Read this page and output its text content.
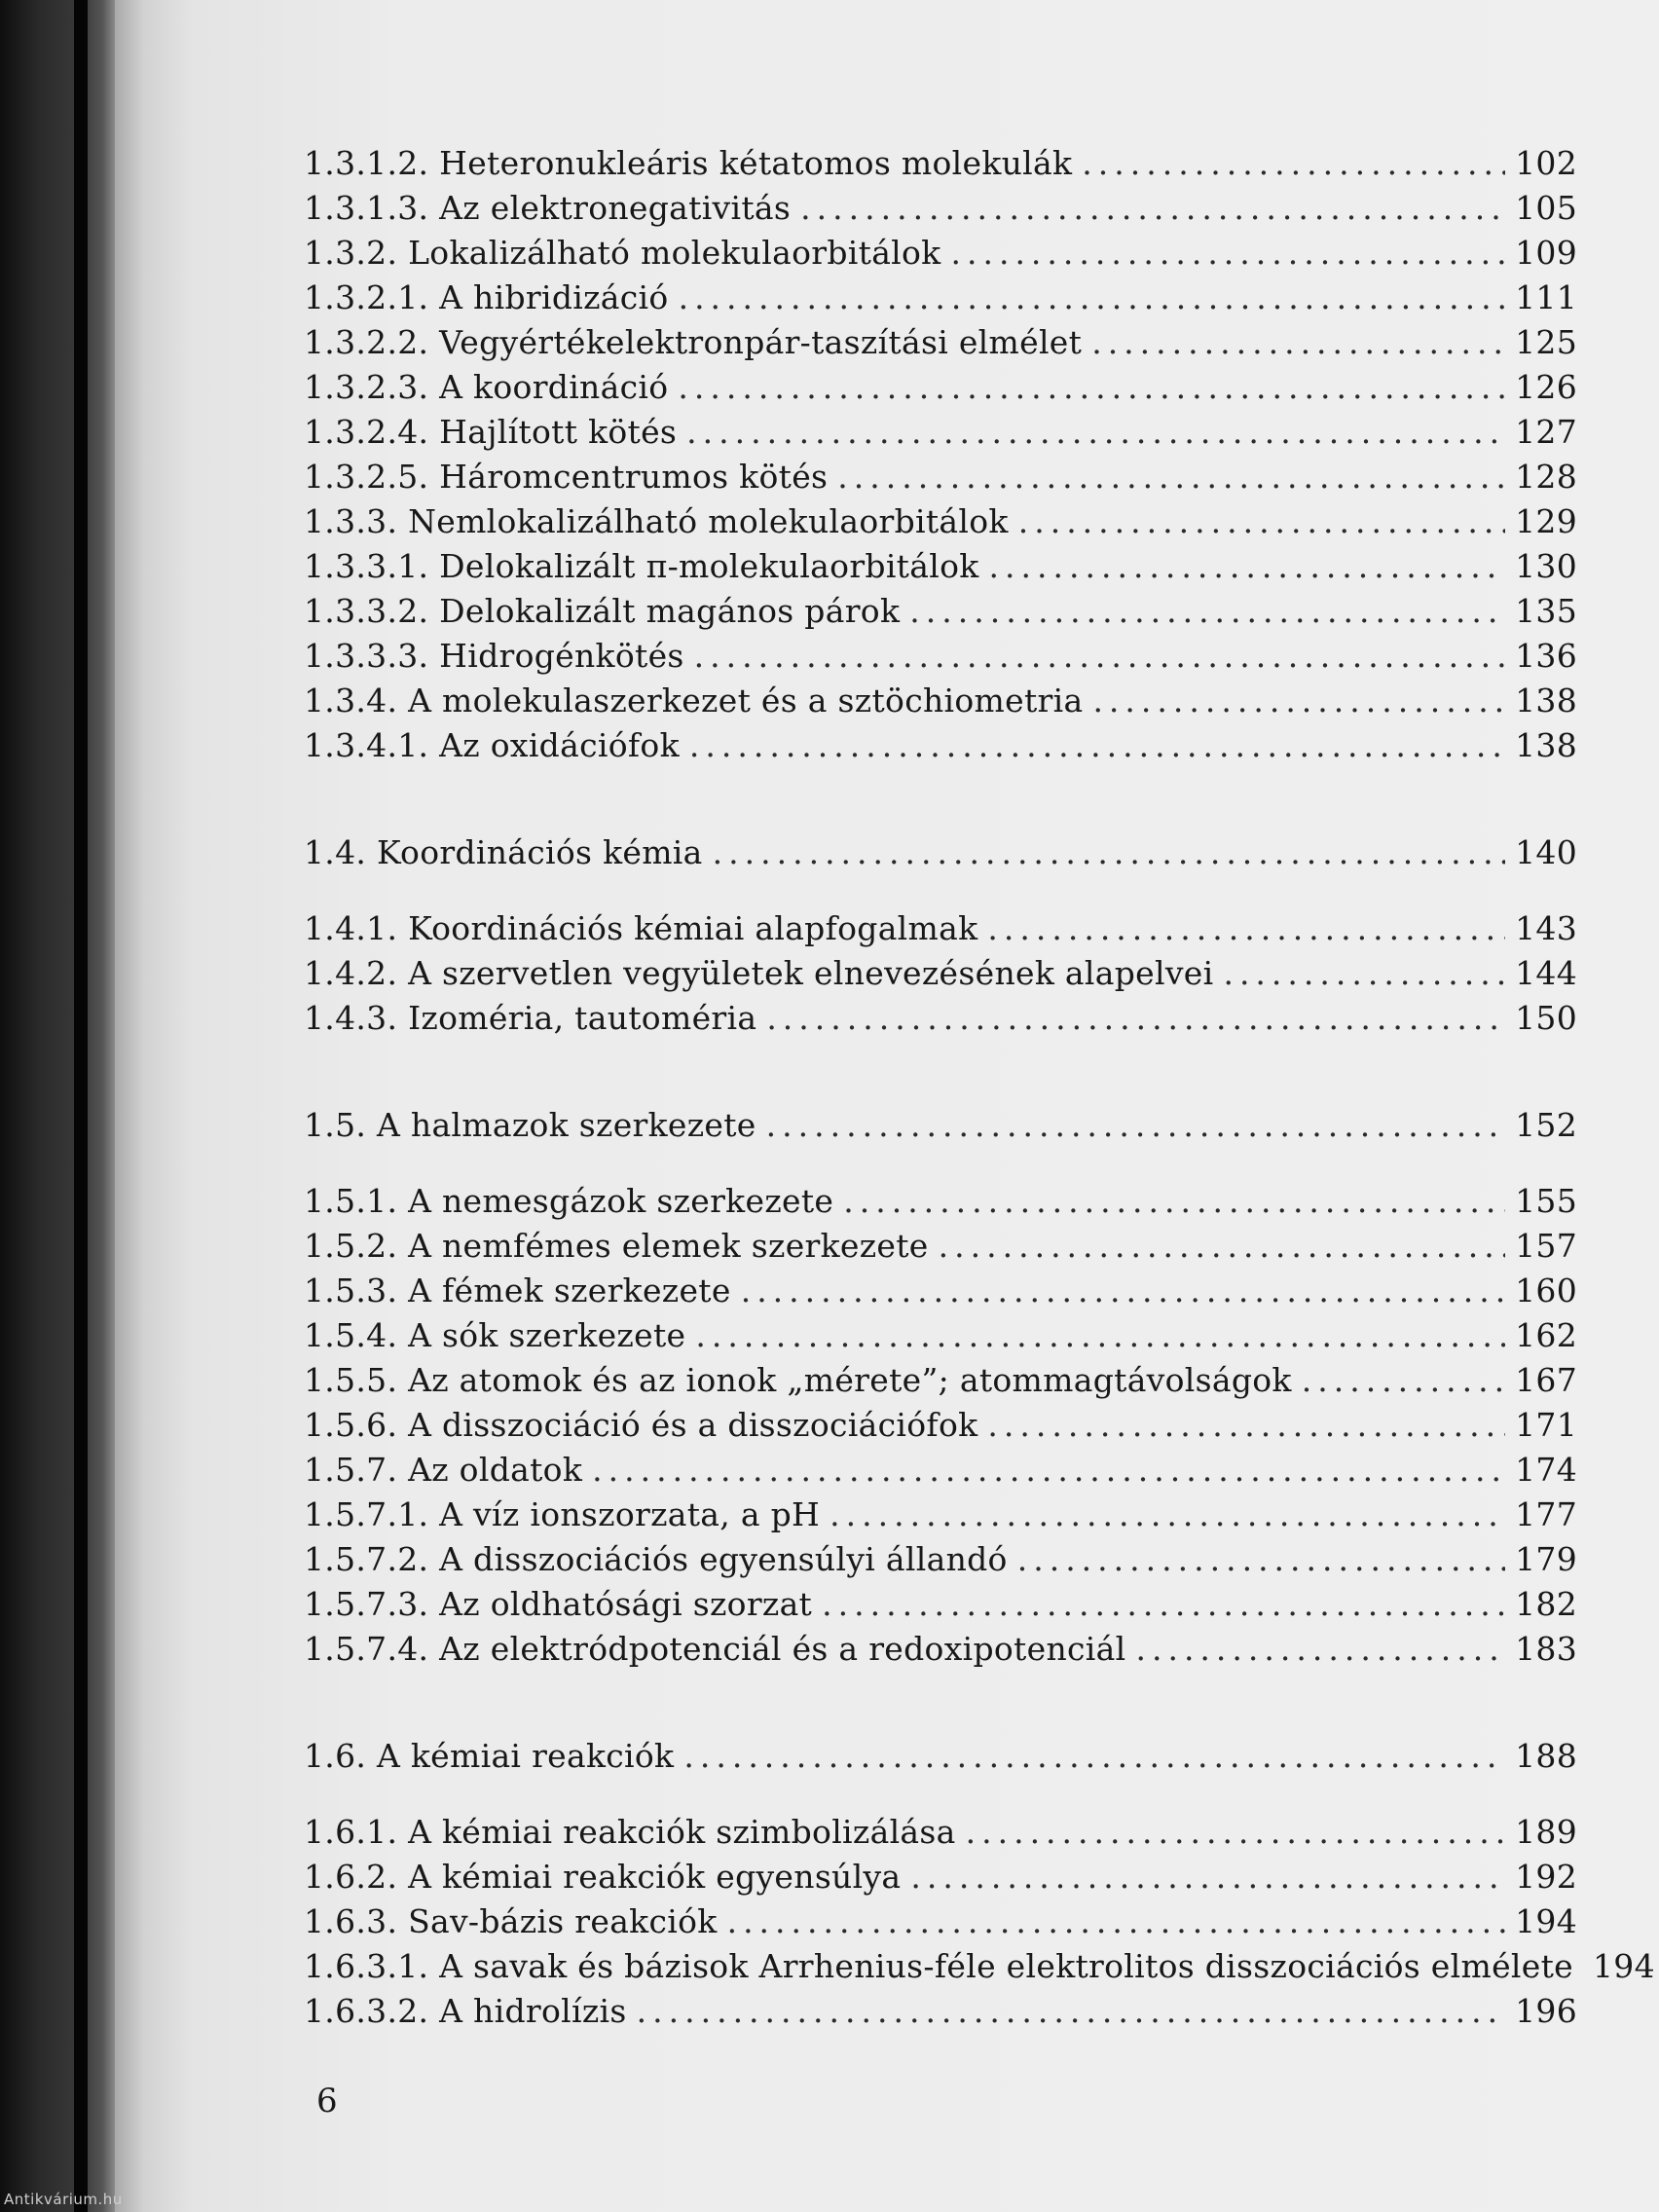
1.3.1.2. Heteronukleáris kétatomos molekulák .....	102
1.3.1.3. Az elektronegativitás .....	105
1.3.2. Lokalizálható molekulaorbitálok .....	109
1.3.2.1. A hibridizáció .....	111
1.3.2.2. Vegyértékelektronpár-taszítási elmélet .....	125
1.3.2.3. A koordináció .....	126
1.3.2.4. Hajlított kötés .....	127
1.3.2.5. Háromcentrumos kötés .....	128
1.3.3. Nemlokalizálható molekulaorbitálok .....	129
1.3.3.1. Delokalizált π-molekulaorbitálok .....	130
1.3.3.2. Delokalizált magános párok .....	135
1.3.3.3. Hidrogénkötés .....	136
1.3.4. A molekulaszerkezet és a sztöchiometria .....	138
1.3.4.1. Az oxidációfok .....	138
1.4. Koordinációs kémia .....	140
1.4.1. Koordinációs kémiai alapfogalmak .....	143
1.4.2. A szervetlen vegyületek elnevezésének alapelvei .....	144
1.4.3. Izoméria, tautoméria .....	150
1.5. A halmazok szerkezete .....	152
1.5.1. A nemesgázok szerkezete .....	155
1.5.2. A nemfémes elemek szerkezete .....	157
1.5.3. A fémek szerkezete .....	160
1.5.4. A sók szerkezete .....	162
1.5.5. Az atomok és az ionok „mérete”; atommagtávolságok .....	167
1.5.6. A disszociáció és a disszociációfok .....	171
1.5.7. Az oldatok .....	174
1.5.7.1. A víz ionszorzata, a pH .....	177
1.5.7.2. A disszociációs egyensúlyi állandó .....	179
1.5.7.3. Az oldhatósági szorzat .....	182
1.5.7.4. Az elektródpotenciál és a redoxipotenciál .....	183
1.6. A kémiai reakciók .....	188
1.6.1. A kémiai reakciók szimbolizálása .....	189
1.6.2. A kémiai reakciók egyensúlya .....	192
1.6.3. Sav-bázis reakciók .....	194
1.6.3.1. A savak és bázisok Arrhenius-féle elektrolitos disszociációs elmélete 194
1.6.3.2. A hidrolízis .....	196
6
Antikvárium.hu
